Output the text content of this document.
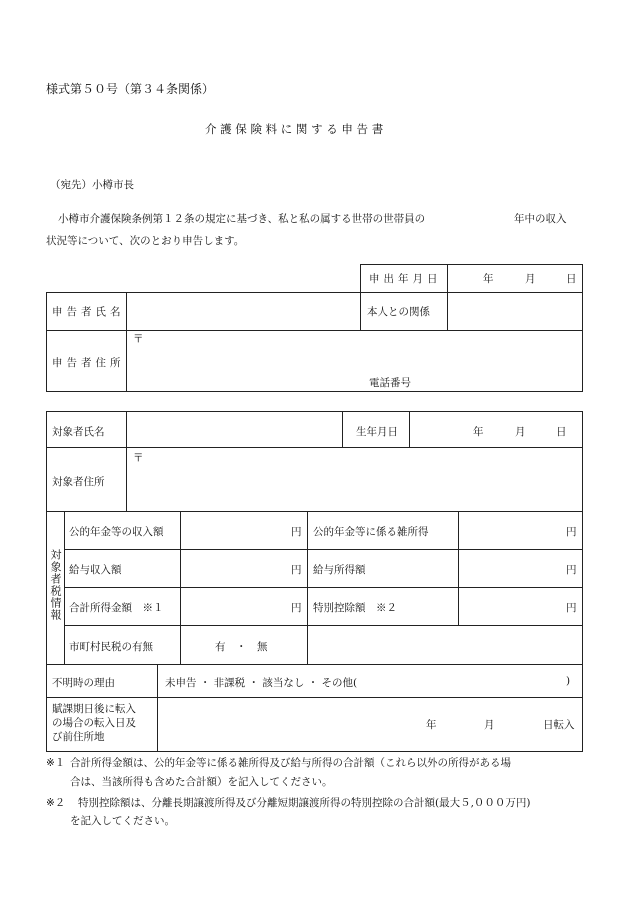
様式第５０号（第３４条関係）
介 護 保 険 料 に 関 す る 申 告 書
（宛先）小樽市長
小樽市介護保険条例第１２条の規定に基づき、私と私の属する世帯の世帯員の	年中の収入
状況等について、次のとおり申告します。
申出年月日	年	月	日
申告者氏名	本人との関係
申告者住所
〒
電話番号
対象者氏名	生年月日	年	月	日
対象者住所
〒
対象者税情報
公的年金等の収入額	円 公的年金等に係る雑所得	円
給与収入額	円 給与所得額	円
合計所得金額　※１	円 特別控除額　※２	円
市町村民税の有無	有　・　無
不明時の理由	未申告 ・ 非課税 ・ 該当なし ・ その他(	)
賦課期日後に転入
の場合の転入日及
び前住所地
年	月	日転入
※１ 合計所得金額は、公的年金等に係る雑所得及び給与所得の合計額（これら以外の所得がある場
合は、当該所得も含めた合計額）を記入してください。
※２ 特別控除額は、分離長期譲渡所得及び分離短期譲渡所得の特別控除の合計額(最大５,０００万円)
を記入してください。
